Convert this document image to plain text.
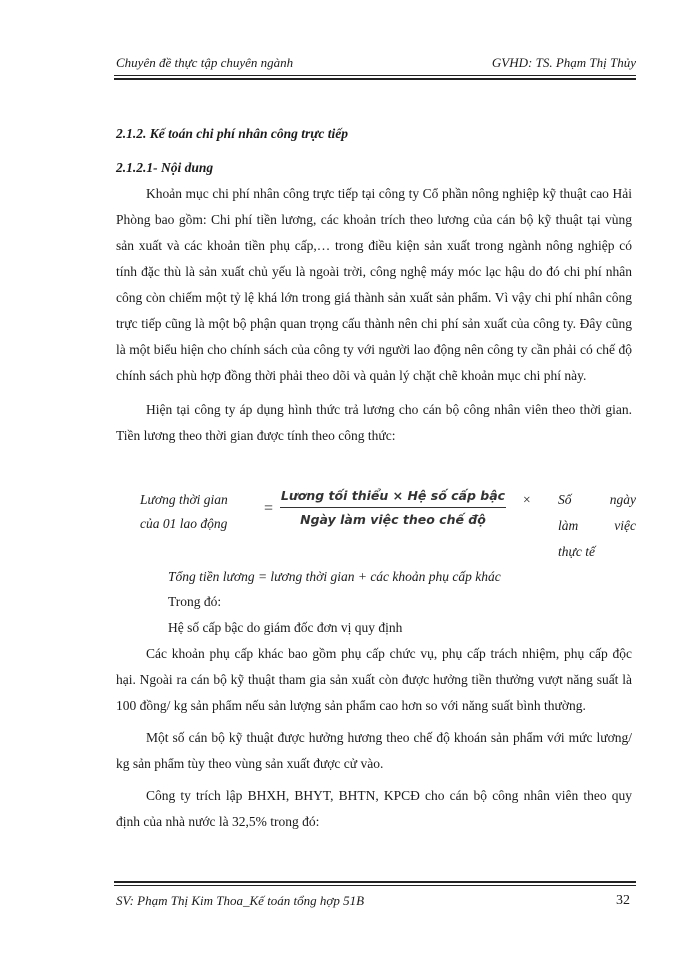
Chuyên đề thực tập chuyên ngành	GVHD: TS. Phạm Thị Thủy
2.1.2. Kế toán chi phí nhân công trực tiếp
2.1.2.1- Nội dung

Khoản mục chi phí nhân công trực tiếp tại công ty Cổ phần nông nghiệp kỹ thuật cao Hải Phòng bao gồm: Chi phí tiền lương, các khoản trích theo lương của cán bộ kỹ thuật tại vùng sản xuất và các khoản tiền phụ cấp,… trong điều kiện sản xuất trong ngành nông nghiệp có tính đặc thù là sản xuất chủ yếu là ngoài trời, công nghệ máy móc lạc hậu do đó chi phí nhân công còn chiếm một tỷ lệ khá lớn trong giá thành sản xuất sản phẩm. Vì vậy chi phí nhân công trực tiếp cũng là một bộ phận quan trọng cấu thành nên chi phí sản xuất của công ty. Đây cũng là một biểu hiện cho chính sách của công ty với người lao động nên công ty cần phải có chế độ chính sách phù hợp đồng thời phải theo dõi và quản lý chặt chẽ khoản mục chi phí này.

Hiện tại công ty áp dụng hình thức trả lương cho cán bộ công nhân viên theo thời gian. Tiền lương theo thời gian được tính theo công thức:

Lương thời gian
của 01 lao động
=
Lương tối thiểu × Hệ số cấp bậc
Ngày làm việc theo chế độ
× Số ngày
làm việc
thực tế
Tổng tiền lương = lương thời gian + các khoản phụ cấp khác
Trong đó:
Hệ số cấp bậc do giám đốc đơn vị quy định

Các khoản phụ cấp khác bao gồm phụ cấp chức vụ, phụ cấp trách nhiệm, phụ cấp độc hại. Ngoài ra cán bộ kỹ thuật tham gia sản xuất còn được hưởng tiền thưởng vượt năng suất là 100 đồng/ kg sản phẩm nếu sản lượng sản phẩm cao hơn so với năng suất bình thường.

Một số cán bộ kỹ thuật được hưởng hương theo chế độ khoán sản phẩm với mức lương/ kg sản phẩm tùy theo vùng sản xuất được cử vào.

Công ty trích lập BHXH, BHYT, BHTN, KPCĐ cho cán bộ công nhân viên theo quy định của nhà nước là 32,5% trong đó:

SV: Phạm Thị Kim Thoa_Kế toán tổng hợp 51B	32
